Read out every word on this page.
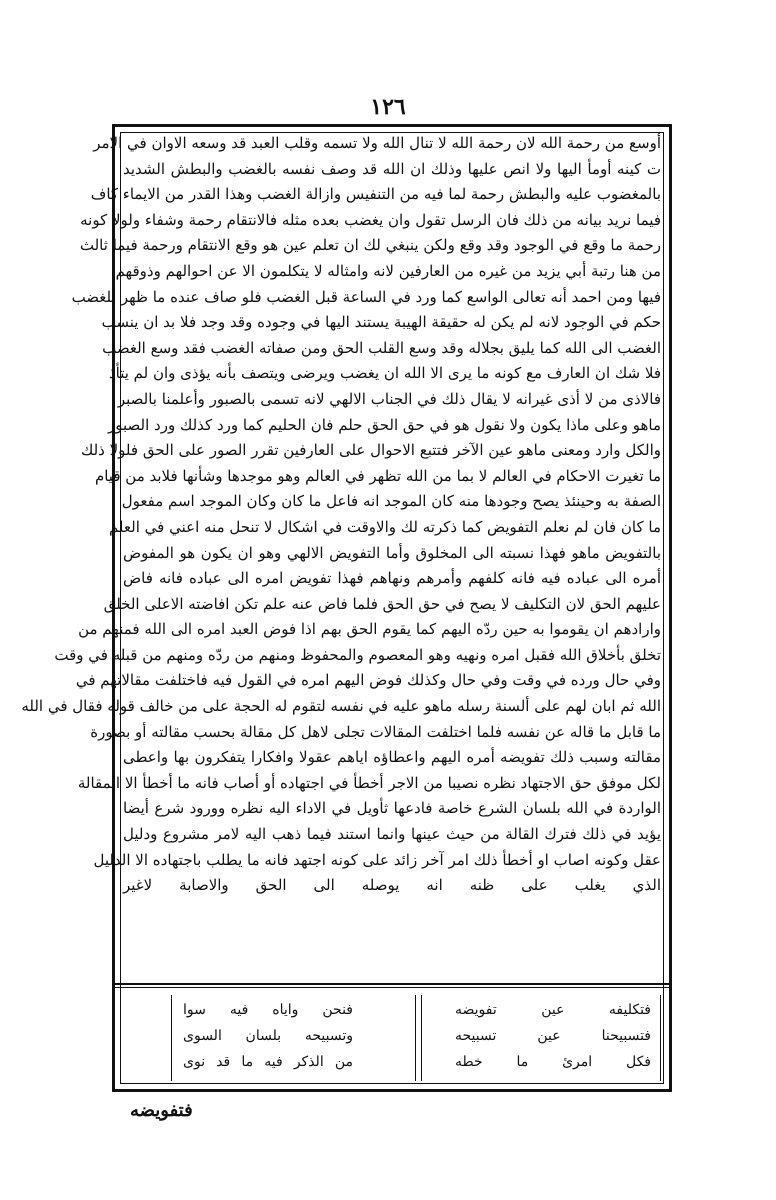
١٢٦
أوسع من رحمة الله لان رحمة الله لا تنال الله ولا تسمه وقلب العبد قد وسعه الاوان في الامر
ت كينه أومأ اليها ولا انص عليها وذلك ان الله قد وصف نفسه بالغضب والبطش الشديد
بالمغضوب عليه والبطش رحمة لما فيه من التنفيس وازالة الغضب وهذا القدر من الايماء كاف
فيما نريد بيانه من ذلك فان الرسل تقول وان يغضب بعده مثله فالانتقام رحمة وشفاء ولولا كونه
رحمة ما وقع في الوجود وقد وقع ولكن ينبغي لك ان تعلم عين هو وقع الانتقام ورحمة فيما ثالث
من هنا رتبة أبي يزيد من غيره من العارفين لانه وامثاله لا يتكلمون الا عن احوالهم وذوقهم
فيها ومن احمد أنه تعالى الواسع كما ورد في الساعة قبل الغضب فلو صاف عنده ما ظهر للغضب
حكم في الوجود لانه لم يكن له حقيقة الهيبة يستند اليها في وجوده وقد وجد فلا بد ان ينسب
الغضب الى الله كما يليق بجلاله وقد وسع القلب الحق ومن صفاته الغضب فقد وسع الغضب
فلا شك ان العارف مع كونه ما يرى الا الله ان يغضب ويرضى ويتصف بأنه يؤذى وان لم يتأذ
فالاذى من لا أذى غيرانه لا يقال ذلك في الجناب الالهي لانه تسمى بالصبور وأعلمنا بالصبر
ماهو وعلى ماذا يكون ولا نقول هو في حق الحق حلم فان الحليم كما ورد كذلك ورد الصبور
والكل وارد ومعنى ماهو عين الآخر فتتبع الاحوال على العارفين تقرر الصور على الحق فلولا ذلك
ما تغيرت الاحكام في العالم لا بما من الله تظهر في العالم وهو موجدها وشأنها فلابد من قيام
الصفة به وحينئذ يصح وجودها منه كان الموجد انه فاعل ما كان وكان الموجد اسم مفعول
ما كان فان لم نعلم التفويض كما ذكرته لك والاوقت في اشكال لا تنحل منه اعني في العلم
بالتفويض ماهو فهذا نسبته الى المخلوق وأما التفويض الالهي وهو ان يكون هو المفوض
أمره الى عباده فيه فانه كلفهم وأمرهم ونهاهم فهذا تفويض امره الى عباده فانه فاض
عليهم الحق لان التكليف لا يصح في حق الحق فلما فاض عنه علم تكن افاضته الاعلى الخلق
وارادهم ان يقوموا به حين ردّه اليهم كما يقوم الحق بهم اذا فوض العبد امره الى الله فمنهم من
تخلق بأخلاق الله فقبل امره ونهيه وهو المعصوم والمحفوظ ومنهم من ردّه ومنهم من قبله في وقت
وفي حال ورده في وقت وفي حال وكذلك فوض اليهم امره في القول فيه فاختلفت مقالاتهم في
الله ثم ابان لهم على ألسنة رسله ماهو عليه في نفسه لتقوم له الحجة على من خالف قوله فقال في الله
ما قابل ما قاله عن نفسه فلما اختلفت المقالات تجلى لاهل كل مقالة بحسب مقالته أو بصورة
مقالته وسبب ذلك تفويضه أمره اليهم واعطاؤه اياهم عقولا وافكارا يتفكرون بها واعطى
لكل موفق حق الاجتهاد نظره نصيبا من الاجر أخطأ في اجتهاده أو أصاب فانه ما أخطأ الا المقالة
الواردة في الله بلسان الشرع خاصة فادعها ثأويل في الاداء اليه نظره وورود شرع أيضا
يؤيد في ذلك فترك القالة من حيث عينها وانما استند فيما ذهب اليه لامر مشروع ودليل
عقل وكونه اصاب او أخطأ ذلك امر آخر زائد على كونه اجتهد فانه ما يطلب باجتهاده الا الدليل
الذي يغلب على ظنه انه يوصله الى الحق والاصابة لاغير
فتكليفه عين تفويضه
فتسبيحنا عين تسبيحه
فكل امرئ ما خطه
فنحن واياه فيه سوا
وتسبيحه بلسان السوى
من الذكر فيه ما قد نوى
فتفويضه
